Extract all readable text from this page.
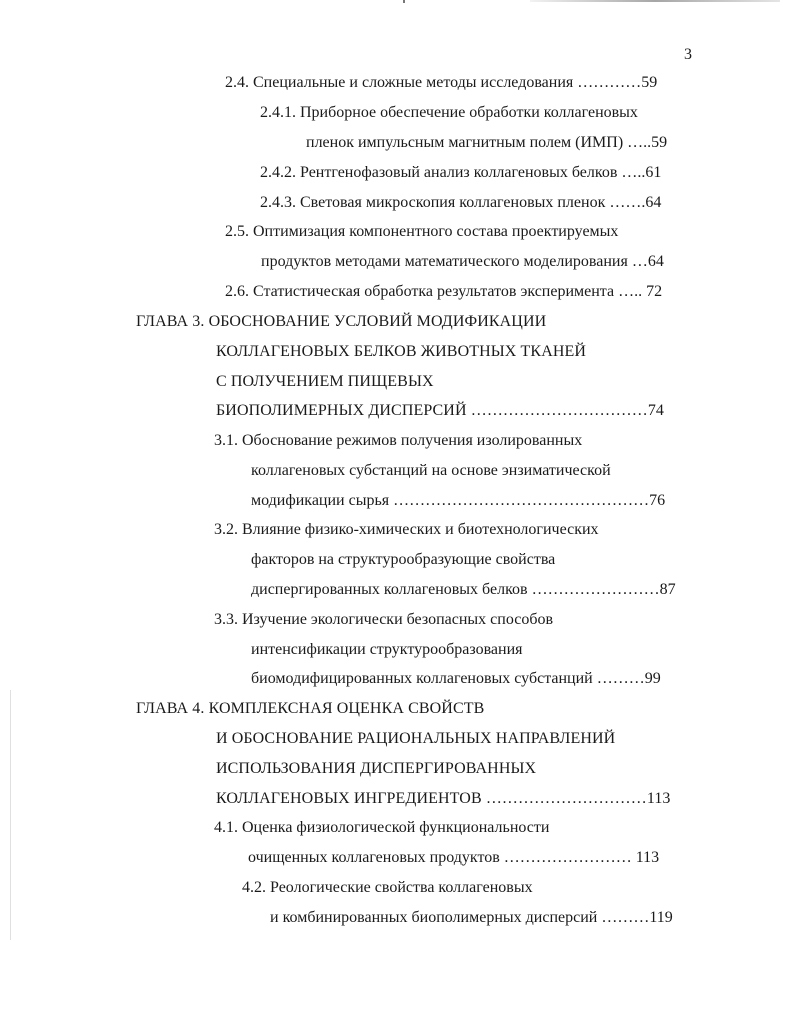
3
2.4. Специальные и сложные методы исследования …………59
2.4.1. Приборное обеспечение обработки коллагеновых
пленок импульсным магнитным полем (ИМП) …..59
2.4.2. Рентгенофазовый анализ коллагеновых белков …..61
2.4.3. Световая микроскопия коллагеновых пленок …….64
2.5. Оптимизация компонентного состава проектируемых
продуктов методами математического моделирования …64
2.6. Статистическая обработка результатов эксперимента ….. 72
ГЛАВА 3. ОБОСНОВАНИЕ УСЛОВИЙ МОДИФИКАЦИИ
КОЛЛАГЕНОВЫХ БЕЛКОВ ЖИВОТНЫХ ТКАНЕЙ
С ПОЛУЧЕНИЕМ ПИЩЕВЫХ
БИОПОЛИМЕРНЫХ ДИСПЕРСИЙ ……………………………74
3.1. Обоснование режимов получения изолированных
коллагеновых субстанций на основе энзиматической
модификации сырья …………………………………………76
3.2. Влияние физико-химических и биотехнологических
факторов на структурообразующие свойства
диспергированных коллагеновых белков ……………………87
3.3. Изучение экологически безопасных способов
интенсификации структурообразования
биомодифицированных коллагеновых субстанций ………99
ГЛАВА 4. КОМПЛЕКСНАЯ ОЦЕНКА СВОЙСТВ
И ОБОСНОВАНИЕ РАЦИОНАЛЬНЫХ НАПРАВЛЕНИЙ
ИСПОЛЬЗОВАНИЯ ДИСПЕРГИРОВАННЫХ
КОЛЛАГЕНОВЫХ ИНГРЕДИЕНТОВ …………………………113
4.1. Оценка физиологической функциональности
очищенных коллагеновых продуктов …………………… 113
4.2. Реологические свойства коллагеновых
и комбинированных биополимерных дисперсий ………119
